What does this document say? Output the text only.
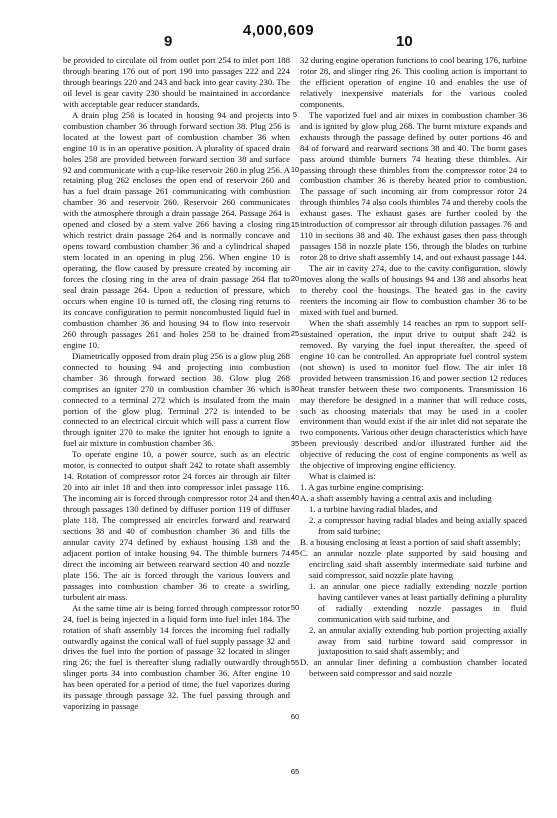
4,000,609
9	10

be provided to circulate oil from outlet port 254 to inlet port 188 through bearing 176 out of port 190 into passages 222 and 224 through bearings 220 and 243 and back into gear cavity 230. The oil level is gear cavity 230 should be maintained in accordance with acceptable gear reducer standards.

A drain plug 256 is located in housing 94 and projects into combustion chamber 36 through forward section 38. Plug 256 is located at the lowest part of combustion chamber 36 when engine 10 is in an operative position. A plurality of spaced drain holes 258 are provided between forward section 38 and surface 92 and communicate with a cup-like reservoir 260 in plug 256. A retaining plug 262 encloses the open end of reservoir 260 and has a fuel drain passage 261 communicating with combustion chamber 36 and reservoir 260. Reservoir 260 communicates with the atmosphere through a drain passage 264. Passage 264 is opened and closed by a stem valve 266 having a closing ring which restrict drain passage 264 and is normally concave and opens toward combustion chamber 36 and a cylindrical shaped stem located in an opening in plug 256. When engine 10 is operating, the flow caused by pressure created by incoming air forces the closing ring in the area of drain passage 264 flat to seal drain passage 264. Upon a reduction of pressure, which occurs when engine 10 is turned off, the closing ring returns to its concave configuration to permit noncombusted liquid fuel in combustion chamber 36 and housing 94 to flow into reservoir 260 through passages 261 and holes 258 to be drained from engine 10.

Diametrically opposed from drain plug 256 is a glow plug 268 connected to housing 94 and projecting into combustion chamber 36 through forward section 38. Glow plug 268 comprises an igniter 270 in combustion chamber 36 which is connected to a terminal 272 which is insulated from the main portion of the glow plug. Terminal 272 is intended to be connected to an electrical circuit which will pass a current flow through igniter 270 to make the igniter hot enough to ignite a fuel air mixture in combustion chamber 36.

To operate engine 10, a power source, such as an electric motor, is connected to output shaft 242 to rotate shaft assembly 14. Rotation of compressor rotor 24 forces air through air filter 20 into air inlet 18 and then into compressor inlet passage 116. The incoming air is forced through compressor rotor 24 and then through passages 130 defined by diffuser portion 119 of diffuser plate 118. The compressed air encircles forward and rearward sections 38 and 40 of combustion chamber 36 and fills the annular cavity 274 defined by exhaust housing 138 and the adjacent portion of intake housing 94. The thimble burners 74 direct the incoming air between rearward section 40 and nozzle plate 156. The air is forced through the various louvers and passages into combustion chamber 36 to create a swirling, turbulent air mass.

At the same time air is being forced through compressor rotor 24, fuel is being injected in a liquid form into fuel inlet 184. The rotation of shaft assembly 14 forces the incoming fuel radially outwardly against the conical wall of fuel supply passage 32 and drives the fuel into the portion of passage 32 located in slinger ring 26; the fuel is thereafter slung radially outwardly through slinger ports 34 into combustion chamber 36. After engine 10 has been operated for a period of time, the fuel vaporizes during its passage through passage 32. The fuel passing through and vaporizing in passage

5
10
15
20
25
30
35
40
45
50
55
60
65

32 during engine operation functions to cool bearing 176, turbine rotor 28, and slinger ring 26. This cooling action is important to the efficient operation of engine 10 and enables the use of relatively inexpensive materials for the various cooled components.

The vaporized fuel and air mixes in combustion chamber 36 and is ignited by glow plug 268. The burnt mixture expands and exhausts through the passage defined by outer portions 46 and 84 of forward and rearward sections 38 and 40. The burnt gases pass around thimble burners 74 heating these thimbles. Air passing through these thimbles from the compressor rotor 24 to combustion chamber 36 is thereby heated prior to combustion. The passage of such incoming air from compressor rotor 24 through thimbles 74 also cools thimbles 74 and thereby cools the exhaust gases. The exhaust gases are further cooled by the introduction of compressor air through dilution passages 76 and 110 in sections 38 and 40. The exhaust gases then pass through passages 158 in nozzle plate 156, through the blades on turbine rotor 28 to drive shaft assembly 14, and out exhaust passage 144.

The air in cavity 274, due to the cavity configuration, slowly moves along the walls of housings 94 and 138 and absorbs heat to thereby cool the housings. The heated gas in the cavity reenters the incoming air flow to combustion chamber 36 to be mixed with fuel and burned.

When the shaft assembly 14 reaches an rpm to support self-sustained operation, the input drive to output shaft 242 is removed. By varying the fuel input thereafter, the speed of engine 10 can be controlled. An appropriate fuel control system (not shown) is used to monitor fuel flow. The air inlet 18 provided between transmission 16 and power section 12 reduces heat transfer between these two components. Transmission 16 may therefore be designed in a manner that will reduce costs, such as choosing materials that may be used in a cooler environment than would exist if the air inlet did not separate the two components. Various other design characteristics which have been previously described and/or illustrated further aid the objective of reducing the cost of engine components as well as the objective of improving engine efficiency.

What is claimed is:

1. A gas turbine engine comprising:
A. a shaft assembly having a central axis and including
1. a turbine having radial blades, and
2. a compressor having radial blades and being axially spaced from said turbine;
B. a housing enclosing at least a portion of said shaft assembly;
C. an annular nozzle plate supported by said housing and encircling said shaft assembly intermediate said turbine and said compressor, said nozzle plate having
1. an annular one piece radially extending nozzle portion having cantilever vanes at least partially defining a plurality of radially extending nozzle passages in fluid communication with said turbine, and
2. an annular axially extending hub portion projecting axially away from said turbine toward said compressor in juxtaposition to said shaft assembly; and
D. an annular liner defining a combustion chamber located between said compressor and said nozzle
